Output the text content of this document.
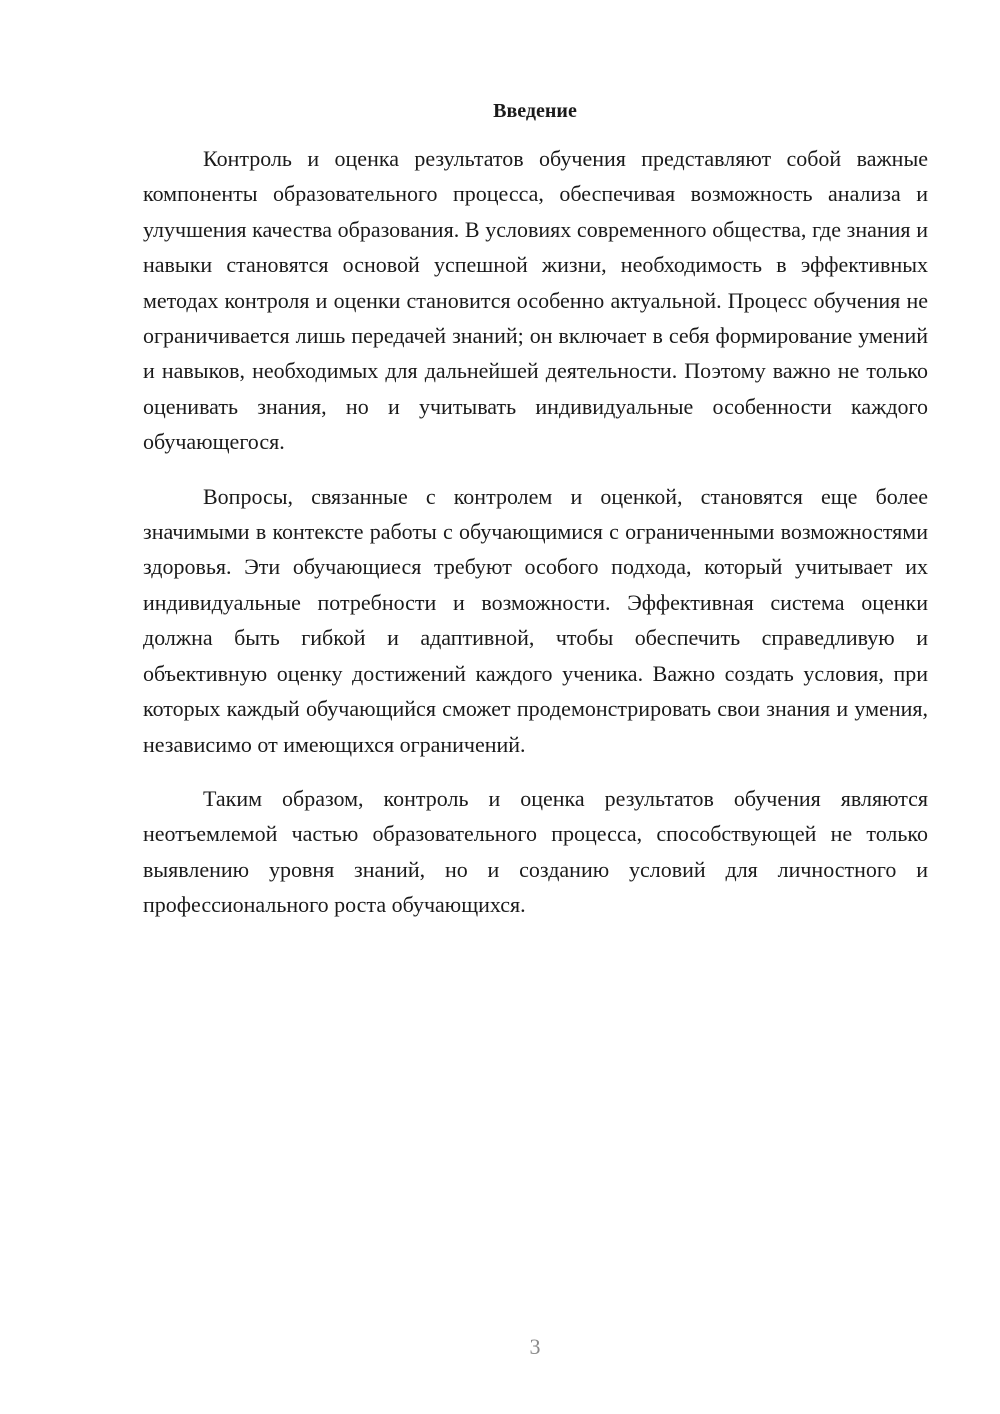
Введение

Контроль и оценка результатов обучения представляют собой важные компоненты образовательного процесса, обеспечивая возможность анализа и улучшения качества образования. В условиях современного общества, где знания и навыки становятся основой успешной жизни, необходимость в эффективных методах контроля и оценки становится особенно актуальной. Процесс обучения не ограничивается лишь передачей знаний; он включает в себя формирование умений и навыков, необходимых для дальнейшей деятельности. Поэтому важно не только оценивать знания, но и учитывать индивидуальные особенности каждого обучающегося.

Вопросы, связанные с контролем и оценкой, становятся еще более значимыми в контексте работы с обучающимися с ограниченными возможностями здоровья. Эти обучающиеся требуют особого подхода, который учитывает их индивидуальные потребности и возможности. Эффективная система оценки должна быть гибкой и адаптивной, чтобы обеспечить справедливую и объективную оценку достижений каждого ученика. Важно создать условия, при которых каждый обучающийся сможет продемонстрировать свои знания и умения, независимо от имеющихся ограничений.

Таким образом, контроль и оценка результатов обучения являются неотъемлемой частью образовательного процесса, способствующей не только выявлению уровня знаний, но и созданию условий для личностного и профессионального роста обучающихся.

3
